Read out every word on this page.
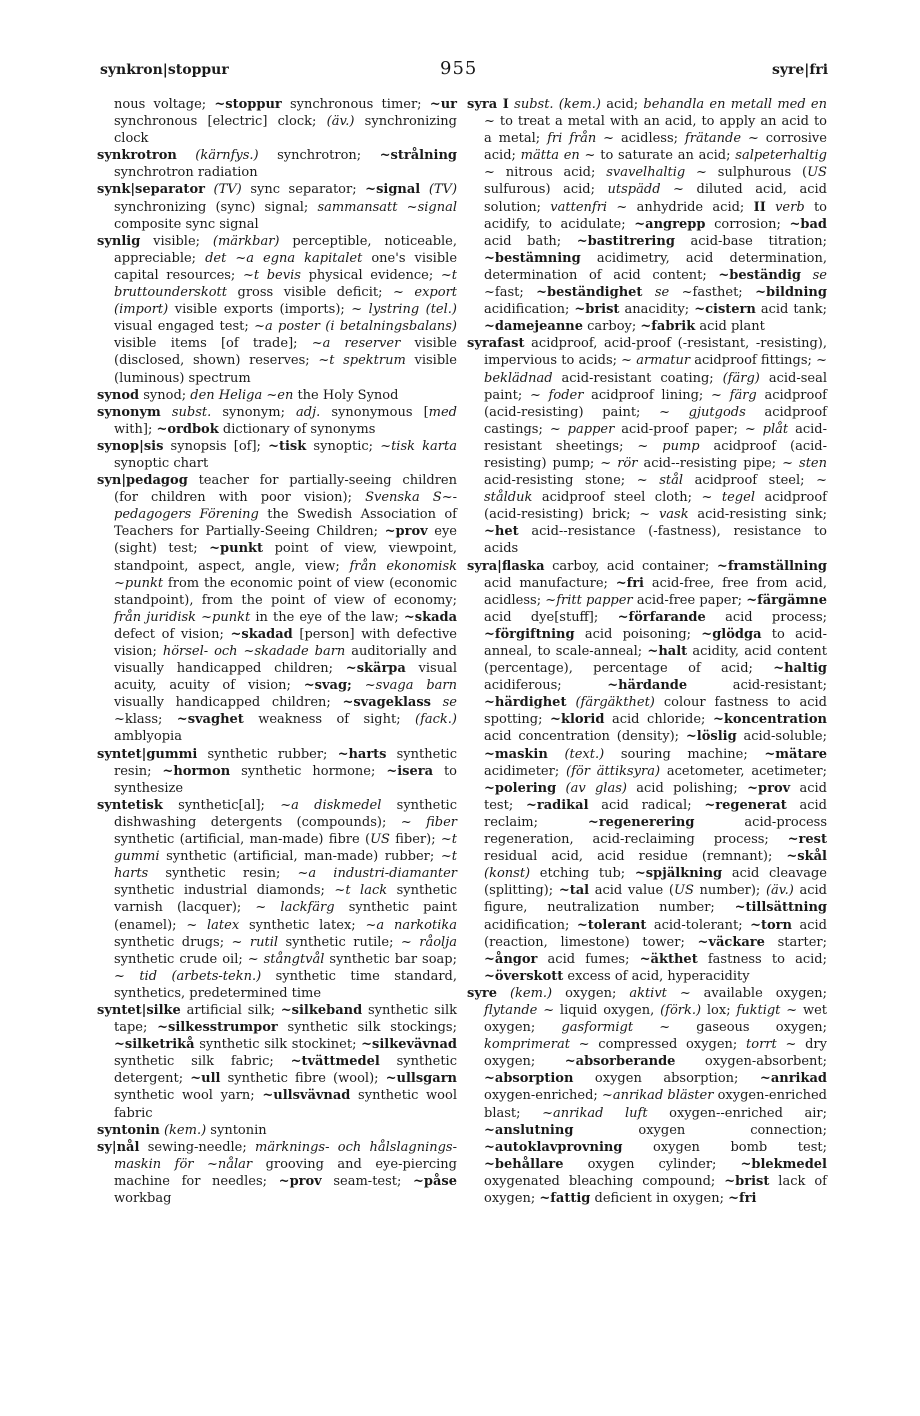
synkron|stoppur	955	syre|fri
nous voltage; ~stoppur synchronous timer; ~ur synchronous [electric] clock; (äv.) synchronizing clock
synkrotron (kärnfys.) synchrotron; ~strålning synchrotron radiation
synk|separator (TV) sync separator; ~signal (TV) synchronizing (sync) signal; sammansatt ~signal composite sync signal
synlig visible; (märkbar) perceptible, noticeable, appreciable; det ~a egna kapitalet one's visible capital resources; ~t bevis physical evidence; ~t bruttounderskott gross visible deficit; ~ export (import) visible exports (imports); ~ lystring (tel.) visual engaged test; ~a poster (i betalningsbalans) visible items [of trade]; ~a reserver visible (disclosed, shown) reserves; ~t spektrum visible (luminous) spectrum
synod synod; den Heliga ~en the Holy Synod
synonym subst. synonym; adj. synonymous [med with]; ~ordbok dictionary of synonyms
synop|sis synopsis [of]; ~tisk synoptic; ~tisk karta synoptic chart
syn|pedagog teacher for partially-seeing children (for children with poor vision); Svenska S~-pedagogers Förening the Swedish Association of Teachers for Partially-Seeing Children; ~prov eye (sight) test; ~punkt point of view, viewpoint, standpoint, aspect, angle, view; från ekonomisk ~punkt from the economic point of view (economic standpoint), from the point of view of economy; från juridisk ~punkt in the eye of the law; ~skada defect of vision; ~skadad [person] with defective vision; hörsel- och ~skadade barn auditorially and visually handicapped children; ~skärpa visual acuity, acuity of vision; ~svag; ~svaga barn visually handicapped children; ~svageklass se ~klass; ~svaghet weakness of sight; (fack.) amblyopia
syntet|gummi synthetic rubber; ~harts synthetic resin; ~hormon synthetic hormone; ~isera to synthesize
syntetisk synthetic[al]; ~a diskmedel synthetic dishwashing detergents (compounds); ~ fiber synthetic (artificial, man-made) fibre (US fiber); ~t gummi synthetic (artificial, man-made) rubber; ~t harts synthetic resin; ~a industri-diamanter synthetic industrial diamonds; ~t lack synthetic varnish (lacquer); ~ lackfärg synthetic paint (enamel); ~ latex synthetic latex; ~a narkotika synthetic drugs; ~ rutil synthetic rutile; ~ råolja synthetic crude oil; ~ stångtvål synthetic bar soap; ~ tid (arbets-tekn.) synthetic time standard, synthetics, predetermined time
syntet|silke artificial silk; ~silkeband synthetic silk tape; ~silkesstrumpor synthetic silk stockings; ~silketrikå synthetic silk stockinet; ~silkevävnad synthetic silk fabric; ~tvättmedel synthetic detergent; ~ull synthetic fibre (wool); ~ullsgarn synthetic wool yarn; ~ullsvävnad synthetic wool fabric
syntonin (kem.) syntonin
sy|nål sewing-needle; märknings- och hålslagnings-maskin för ~nålar grooving and eye-piercing machine for needles; ~prov seam-test; ~påse workbag
syra I subst. (kem.) acid; behandla en metall med en ~ to treat a metal with an acid, to apply an acid to a metal; fri från ~ acidless; frätande ~ corrosive acid; mätta en ~ to saturate an acid; salpeterhaltig ~ nitrous acid; svavelhaltig ~ sulphurous (US sulfurous) acid; utspädd ~ diluted acid, acid solution; vattenfri ~ anhydride acid; II verb to acidify, to acidulate; ~angrepp corrosion; ~bad acid bath; ~bastitrering acid-base titration; ~bestämning acidimetry, acid determination, determination of acid content; ~beständig se ~fast; ~beständighet se ~fasthet; ~bildning acidification; ~brist anacidity; ~cistern acid tank; ~damejeanne carboy; ~fabrik acid plant
syrafast acidproof, acid-proof (-resistant, -resisting), impervious to acids; ~ armatur acidproof fittings; ~ beklädnad acid-resistant coating; (färg) acid-seal paint; ~ foder acidproof lining; ~ färg acidproof (acid-resisting) paint; ~ gjutgods acidproof castings; ~ papper acid-proof paper; ~ plåt acid-resistant sheetings; ~ pump acidproof (acid-resisting) pump; ~ rör acid--resisting pipe; ~ sten acid-resisting stone; ~ stål acidproof steel; ~ stålduk acidproof steel cloth; ~ tegel acidproof (acid-resisting) brick; ~ vask acid-resisting sink; ~het acid--resistance (-fastness), resistance to acids
syra|flaska carboy, acid container; ~framställning acid manufacture; ~fri acid-free, free from acid, acidless; ~fritt papper acid-free paper; ~färgämne acid dye[stuff]; ~förfarande acid process; ~förgiftning acid poisoning; ~glödga to acid-anneal, to scale-anneal; ~halt acidity, acid content (percentage), percentage of acid; ~haltig acidiferous; ~härdande acid-resistant; ~härdighet (färgäkthet) colour fastness to acid spotting; ~klorid acid chloride; ~koncentration acid concentration (density); ~löslig acid-soluble; ~maskin (text.) souring machine; ~mätare acidimeter; (för ättiksyra) acetometer, acetimeter; ~polering (av glas) acid polishing; ~prov acid test; ~radikal acid radical; ~regenerat acid reclaim; ~regenerering acid-process regeneration, acid-reclaiming process; ~rest residual acid, acid residue (remnant); ~skål (konst) etching tub; ~spjälkning acid cleavage (splitting); ~tal acid value (US number); (äv.) acid figure, neutralization number; ~tillsättning acidification; ~tolerant acid-tolerant; ~torn acid (reaction, limestone) tower; ~väckare starter; ~ångor acid fumes; ~äkthet fastness to acid; ~överskott excess of acid, hyperacidity
syre (kem.) oxygen; aktivt ~ available oxygen; flytande ~ liquid oxygen, (förk.) lox; fuktigt ~ wet oxygen; gasformigt ~ gaseous oxygen; komprimerat ~ compressed oxygen; torrt ~ dry oxygen; ~absorberande oxygen-absorbent; ~absorption oxygen absorption; ~anrikad oxygen-enriched; ~anrikad bläster oxygen-enriched blast; ~anrikad luft oxygen--enriched air; ~anslutning oxygen connection; ~autoklavprovning oxygen bomb test; ~behållare oxygen cylinder; ~blekmedel oxygenated bleaching compound; ~brist lack of oxygen; ~fattig deficient in oxygen; ~fri
